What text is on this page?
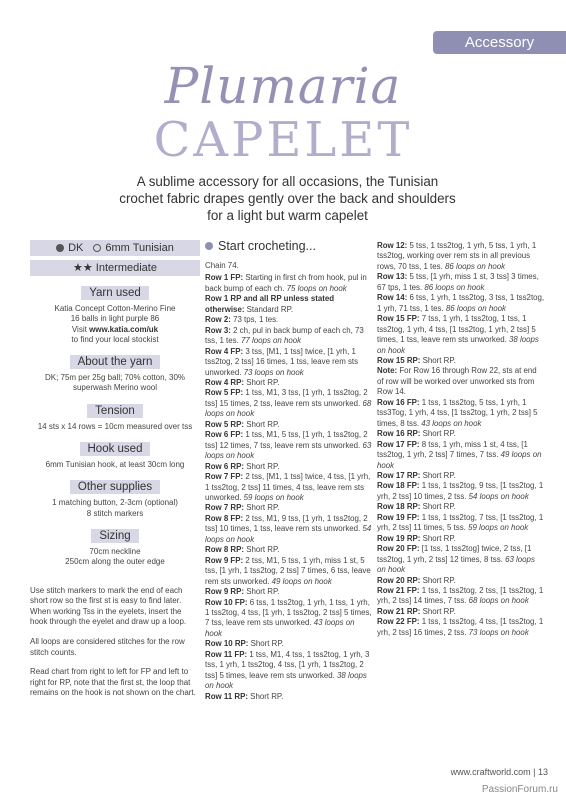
Accessory
Plumaria
CAPELET
A sublime accessory for all occasions, the Tunisian crochet fabric drapes gently over the back and shoulders for a light but warm capelet
DK 6mm Tunisian
★★ Intermediate
Yarn used
Katia Concept Cotton-Merino Fine
16 balls in light purple 86
Visit www.katia.com/uk
to find your local stockist
About the yarn
DK; 75m per 25g ball; 70% cotton, 30% superwash Merino wool
Tension
14 sts x 14 rows = 10cm measured over tss
Hook used
6mm Tunisian hook, at least 30cm long
Other supplies
1 matching button, 2-3cm (optional)
8 stitch markers
Sizing
70cm neckline
250cm along the outer edge

Use stitch markers to mark the end of each short row so the first st is easy to find later. When working Tss in the eyelets, insert the hook through the eyelet and draw up a loop.

All loops are considered stitches for the row stitch counts.

Read chart from right to left for FP and left to right for RP, note that the first st, the loop that remains on the hook is not shown on the chart.

Start crocheting...

Chain 74.

Row 1 FP: Starting in first ch from hook, pul in back bump of each ch. 75 loops on hook

Row 1 RP and all RP unless stated otherwise: Standard RP.

Row 2: 73 tps, 1 tes.

Row 3: 2 ch, pul in back bump of each ch, 73 tss, 1 tes. 77 loops on hook

Row 4 FP: 3 tss, [M1, 1 tss] twice, [1 yrh, 1 tss2tog, 2 tss] 16 times, 1 tss, leave rem sts unworked. 73 loops on hook

Row 4 RP: Short RP.

Row 5 FP: 1 tss, M1, 3 tss, [1 yrh, 1 tss2tog, 2 tss] 15 times, 2 tss, leave rem sts unworked. 68 loops on hook

Row 5 RP: Short RP.

Row 6 FP: 1 tss, M1, 5 tss, [1 yrh, 1 tss2tog, 2 tss] 12 times, 7 tss, leave rem sts unworked. 63 loops on hook

Row 6 RP: Short RP.

Row 7 FP: 2 tss, [M1, 1 tss] twice, 4 tss, [1 yrh, 1 tss2tog, 2 tss] 11 times, 4 tss, leave rem sts unworked. 59 loops on hook

Row 7 RP: Short RP.

Row 8 FP: 2 tss, M1, 9 tss, [1 yrh, 1 tss2tog, 2 tss] 10 times, 1 tss, leave rem sts unworked. 54 loops on hook

Row 8 RP: Short RP.

Row 9 FP: 2 tss, M1, 5 tss, 1 yrh, miss 1 st, 5 tss, [1 yrh, 1 tss2tog, 2 tss] 7 times, 6 tss, leave rem sts unworked. 49 loops on hook

Row 9 RP: Short RP.

Row 10 FP: 6 tss, 1 tss2tog, 1 yrh, 1 tss, 1 yrh, 1 tss2tog, 4 tss, [1 yrh, 1 tss2tog, 2 tss] 5 times, 7 tss, leave rem sts unworked. 43 loops on hook

Row 10 RP: Short RP.

Row 11 FP: 1 tss, M1, 4 tss, 1 tss2tog, 1 yrh, 3 tss, 1 yrh, 1 tss2tog, 4 tss, [1 yrh, 1 tss2tog, 2 tss] 5 times, leave rem sts unworked. 38 loops on hook

Row 11 RP: Short RP.

Row 12: 5 tss, 1 tss2tog, 1 yrh, 5 tss, 1 yrh, 1 tss2tog, working over rem sts in all previous rows, 70 tss, 1 tes. 86 loops on hook

Row 13: 5 tss, [1 yrh, miss 1 st, 3 tss] 3 times, 67 tps, 1 tes. 86 loops on hook

Row 14: 6 tss, 1 yrh, 1 tss2tog, 3 tss, 1 tss2tog, 1 yrh, 71 tss, 1 tes. 86 loops on hook

Row 15 FP: 7 tss, 1 yrh, 1 tss2tog, 1 tss, 1 tss2tog, 1 yrh, 4 tss, [1 tss2tog, 1 yrh, 2 tss] 5 times, 1 tss, leave rem sts unworked. 38 loops on hook

Row 15 RP: Short RP.

Note: For Row 16 through Row 22, sts at end of row will be worked over unworked sts from Row 14.

Row 16 FP: 1 tss, 1 tss2tog, 5 tss, 1 yrh, 1 tss3Tog, 1 yrh, 4 tss, [1 tss2tog, 1 yrh, 2 tss] 5 times, 8 tss. 43 loops on hook

Row 16 RP: Short RP.

Row 17 FP: 8 tss, 1 yrh, miss 1 st, 4 tss, [1 tss2tog, 1 yrh, 2 tss] 7 times, 7 tss. 49 loops on hook

Row 17 RP: Short RP.

Row 18 FP: 1 tss, 1 tss2tog, 9 tss, [1 tss2tog, 1 yrh, 2 tss] 10 times, 2 tss. 54 loops on hook

Row 18 RP: Short RP.

Row 19 FP: 1 tss, 1 tss2tog, 7 tss, [1 tss2tog, 1 yrh, 2 tss] 11 times, 5 tss. 59 loops on hook

Row 19 RP: Short RP.

Row 20 FP: [1 tss, 1 tss2tog] twice, 2 tss, [1 tss2tog, 1 yrh, 2 tss] 12 times, 8 tss. 63 loops on hook

Row 20 RP: Short RP.

Row 21 FP: 1 tss, 1 tss2tog, 2 tss, [1 tss2tog, 1 yrh, 2 tss] 14 times, 7 tss. 68 loops on hook

Row 21 RP: Short RP.

Row 22 FP: 1 tss, 1 tss2tog, 4 tss, [1 tss2tog, 1 yrh, 2 tss] 16 times, 2 tss. 73 loops on hook

www.craftworld.com | 13
PassionForum.ru
